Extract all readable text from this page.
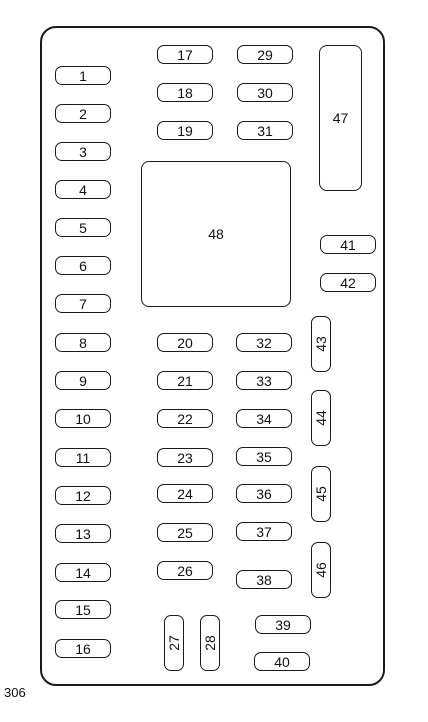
1
2
3
4
5
6
7
8
9
10
11
12
13
14
15
16
17
18
19
29
30
31
47
48
41
42
20
21
22
23
24
25
26
32
33
34
35
36
37
38
43
44
45
46
27 28
39
40
306
